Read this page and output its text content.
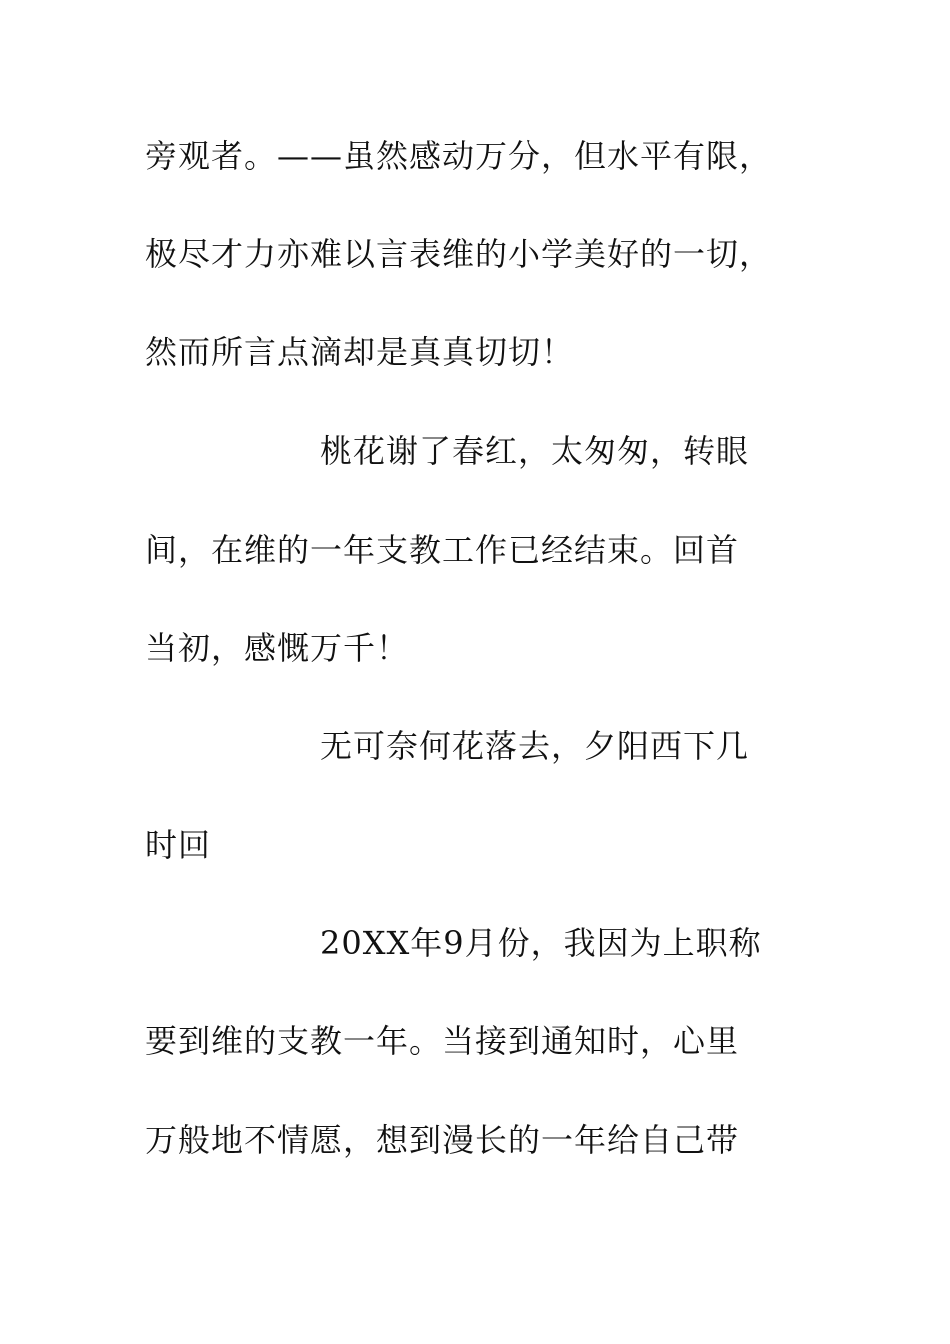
旁观者。——虽然感动万分，但水平有限，
极尽才力亦难以言表维的小学美好的一切，
然而所言点滴却是真真切切！
桃花谢了春红，太匆匆，转眼
间，在维的一年支教工作已经结束。回首
当初，感慨万千！
无可奈何花落去，夕阳西下几
时回
20XX年9月份，我因为上职称
要到维的支教一年。当接到通知时，心里
万般地不情愿，想到漫长的一年给自己带
